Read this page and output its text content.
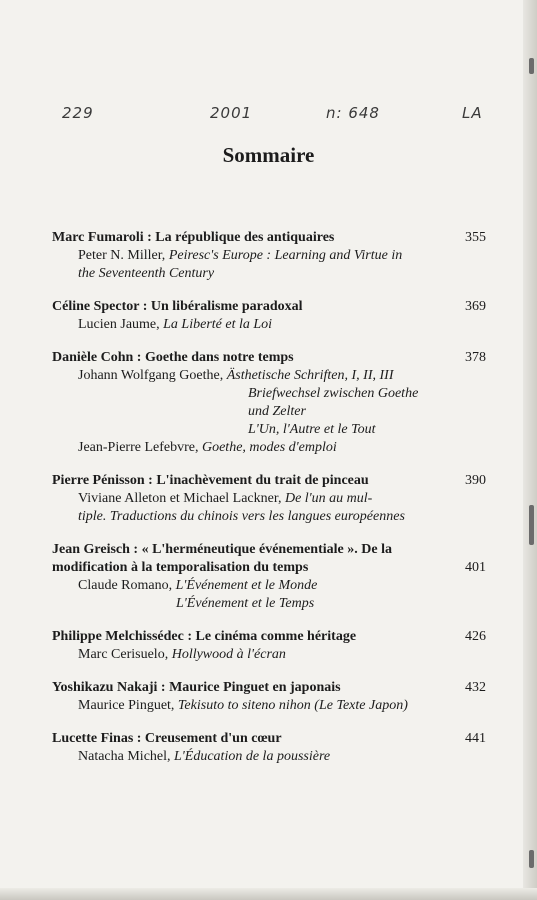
229	2001	n: 648	LA
Sommaire
Marc Fumaroli : La république des antiquaires	355
Peter N. Miller, Peiresc's Europe : Learning and Virtue in
the Seventeenth Century
Céline Spector : Un libéralisme paradoxal	369
Lucien Jaume, La Liberté et la Loi
Danièle Cohn : Goethe dans notre temps	378
Johann Wolfgang Goethe, Ästhetische Schriften, I, II, III
Briefwechsel zwischen Goethe
und Zelter
L'Un, l'Autre et le Tout
Jean-Pierre Lefebvre, Goethe, modes d'emploi
Pierre Pénisson : L'inachèvement du trait de pinceau	390
Viviane Alleton et Michael Lackner, De l'un au mul-
tiple. Traductions du chinois vers les langues européennes
Jean Greisch : « L'herméneutique événementiale ». De la
modification à la temporalisation du temps	401
Claude Romano, L'Événement et le Monde
L'Événement et le Temps
Philippe Melchissédec : Le cinéma comme héritage	426
Marc Cerisuelo, Hollywood à l'écran
Yoshikazu Nakaji : Maurice Pinguet en japonais	432
Maurice Pinguet, Tekisuto to siteno nihon (Le Texte Japon)
Lucette Finas : Creusement d'un cœur	441
Natacha Michel, L'Éducation de la poussière
